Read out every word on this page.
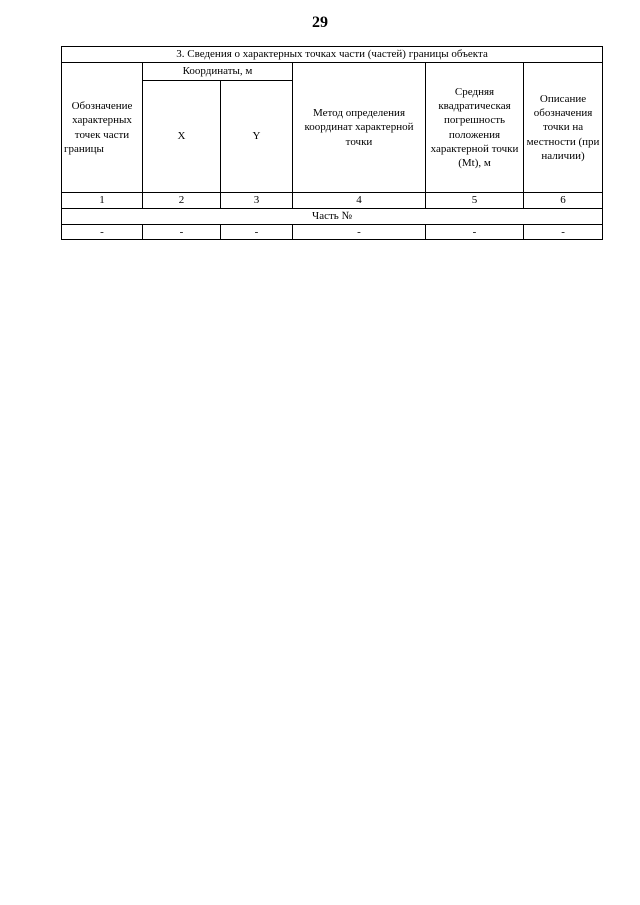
29
3. Сведения о характерных точках части (частей) границы объекта					
Обозначение характерных точек части границы	Координаты, м		Метод определения координат характерной точки	Средняя квадратическая погрешность положения характерной точки (Mt), м	Описание обозначения точки на местности (при наличии)
	X	Y			
1	2	3	4	5	6
Часть №					
-	-	-	-	-	-
